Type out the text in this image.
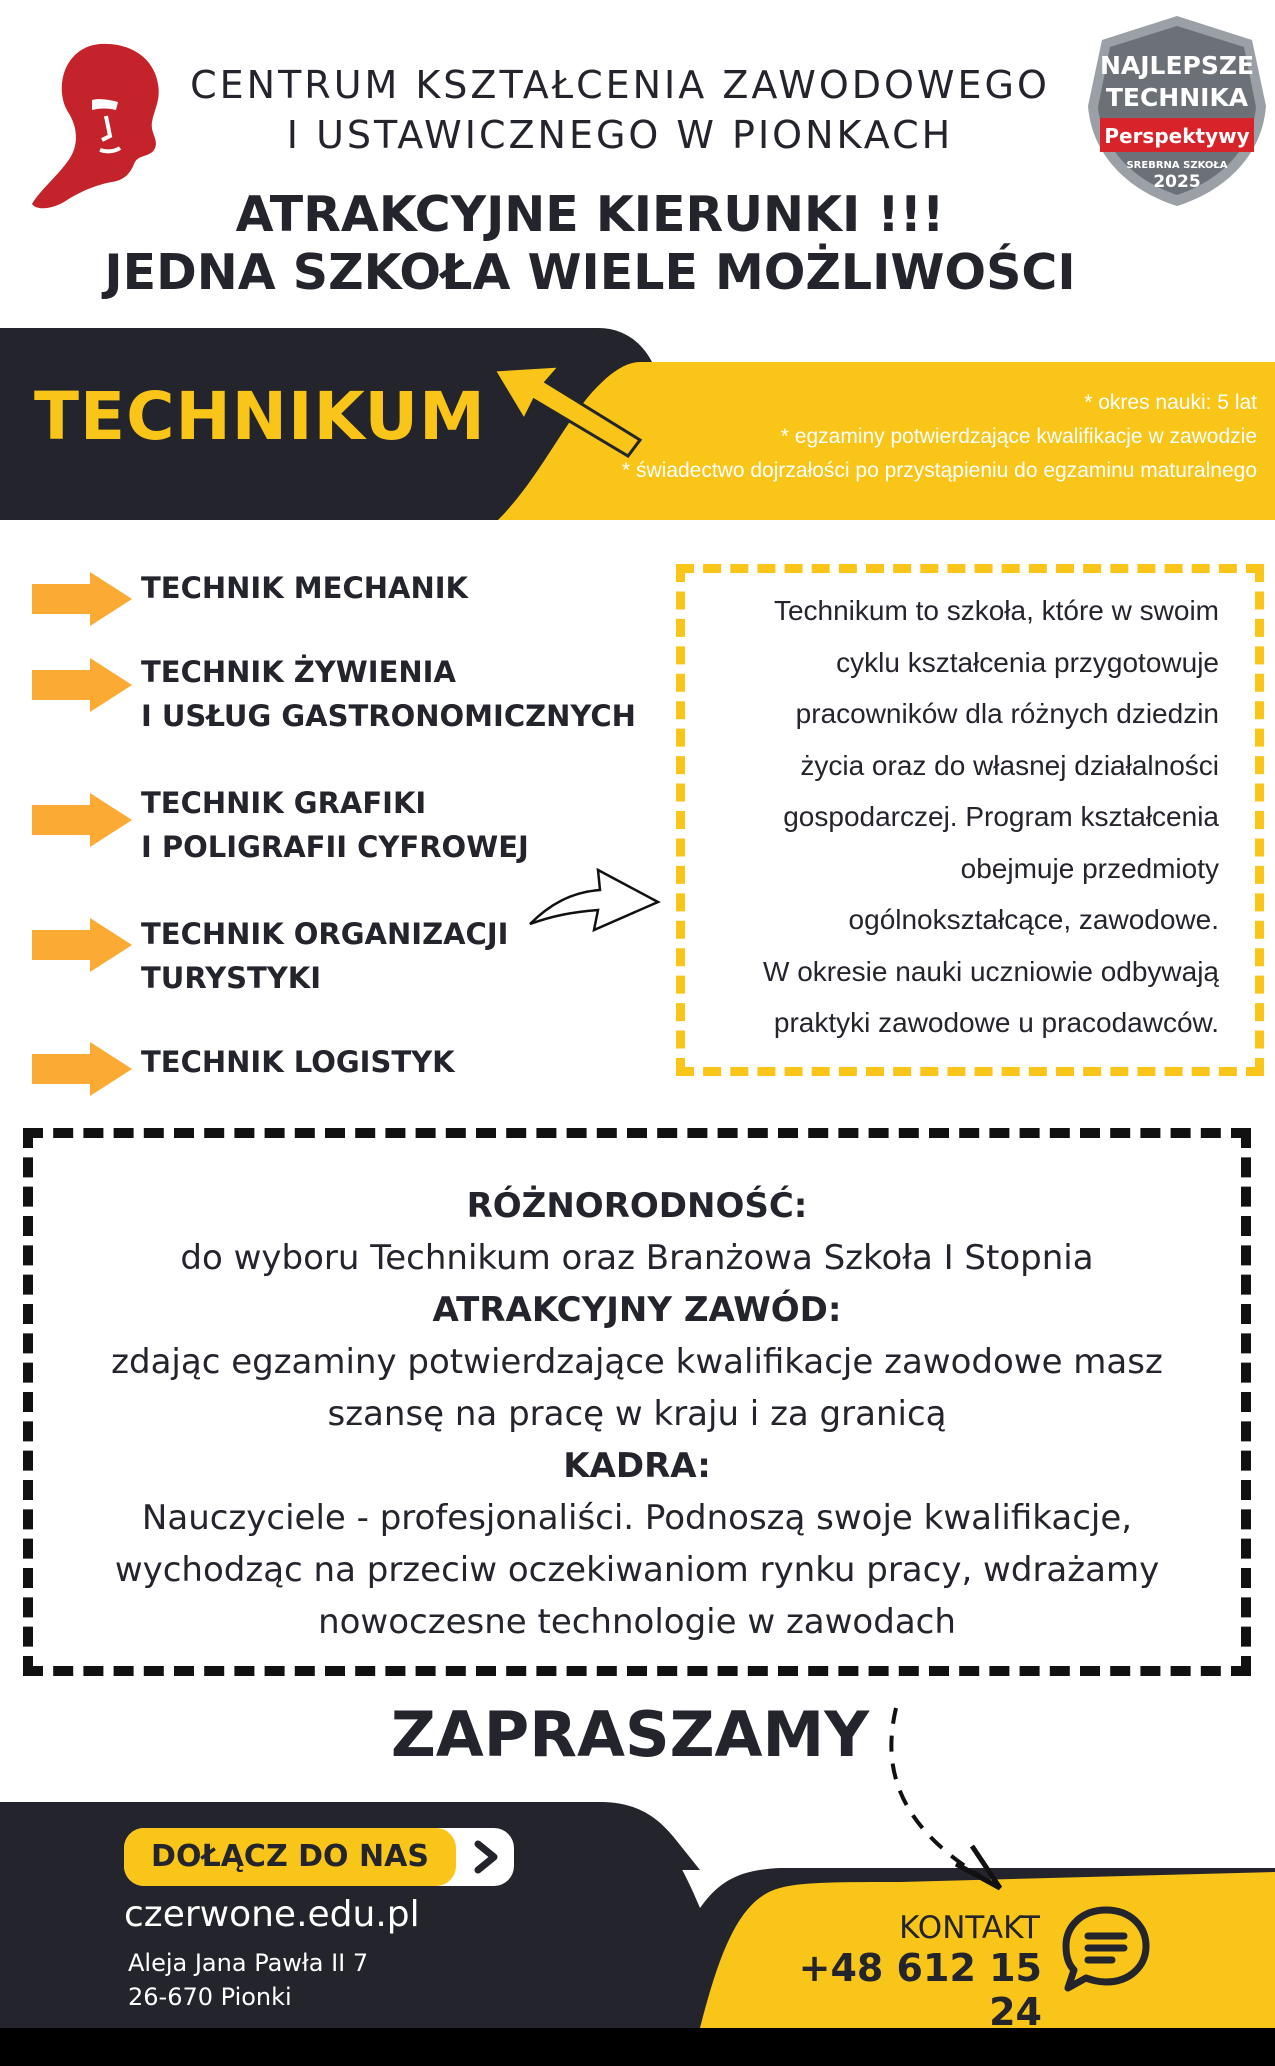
CENTRUM KSZTAŁCENIA ZAWODOWEGO
I USTAWICZNEGO W PIONKACH
NAJLEPSZE
TECHNIKA
Perspektywy
SREBRNA SZKOŁA
2025
ATRAKCYJNE KIERUNKI !!!
JEDNA SZKOŁA WIELE MOŻLIWOŚCI
TECHNIKUM	* okres nauki: 5 lat
* egzaminy potwierdzające kwalifikacje w zawodzie
* świadectwo dojrzałości po przystąpieniu do egzaminu maturalnego
TECHNIK MECHANIK
TECHNIK ŻYWIENIA
I USŁUG GASTRONOMICZNYCH
TECHNIK GRAFIKI
I POLIGRAFII CYFROWEJ
TECHNIK ORGANIZACJI
TURYSTYKI
TECHNIK LOGISTYK
Technikum to szkoła, które w swoim
cyklu kształcenia przygotowuje
pracowników dla różnych dziedzin
życia oraz do własnej działalności
gospodarczej. Program kształcenia
obejmuje przedmioty
ogólnokształcące, zawodowe.
W okresie nauki uczniowie odbywają
praktyki zawodowe u pracodawców.
RÓŻNORODNOŚĆ:
do wyboru Technikum oraz Branżowa Szkoła I Stopnia
ATRAKCYJNY ZAWÓD:
zdając egzaminy potwierdzające kwalifikacje zawodowe masz
szansę na pracę w kraju i za granicą
KADRA:
Nauczyciele - profesjonaliści. Podnoszą swoje kwalifikacje,
wychodząc na przeciw oczekiwaniom rynku pracy, wdrażamy
nowoczesne technologie w zawodach
ZAPRASZAMY
DOŁĄCZ DO NAS
czerwone.edu.pl
Aleja Jana Pawła II 7
26-670 Pionki
KONTAKT
+48 612 15 24
